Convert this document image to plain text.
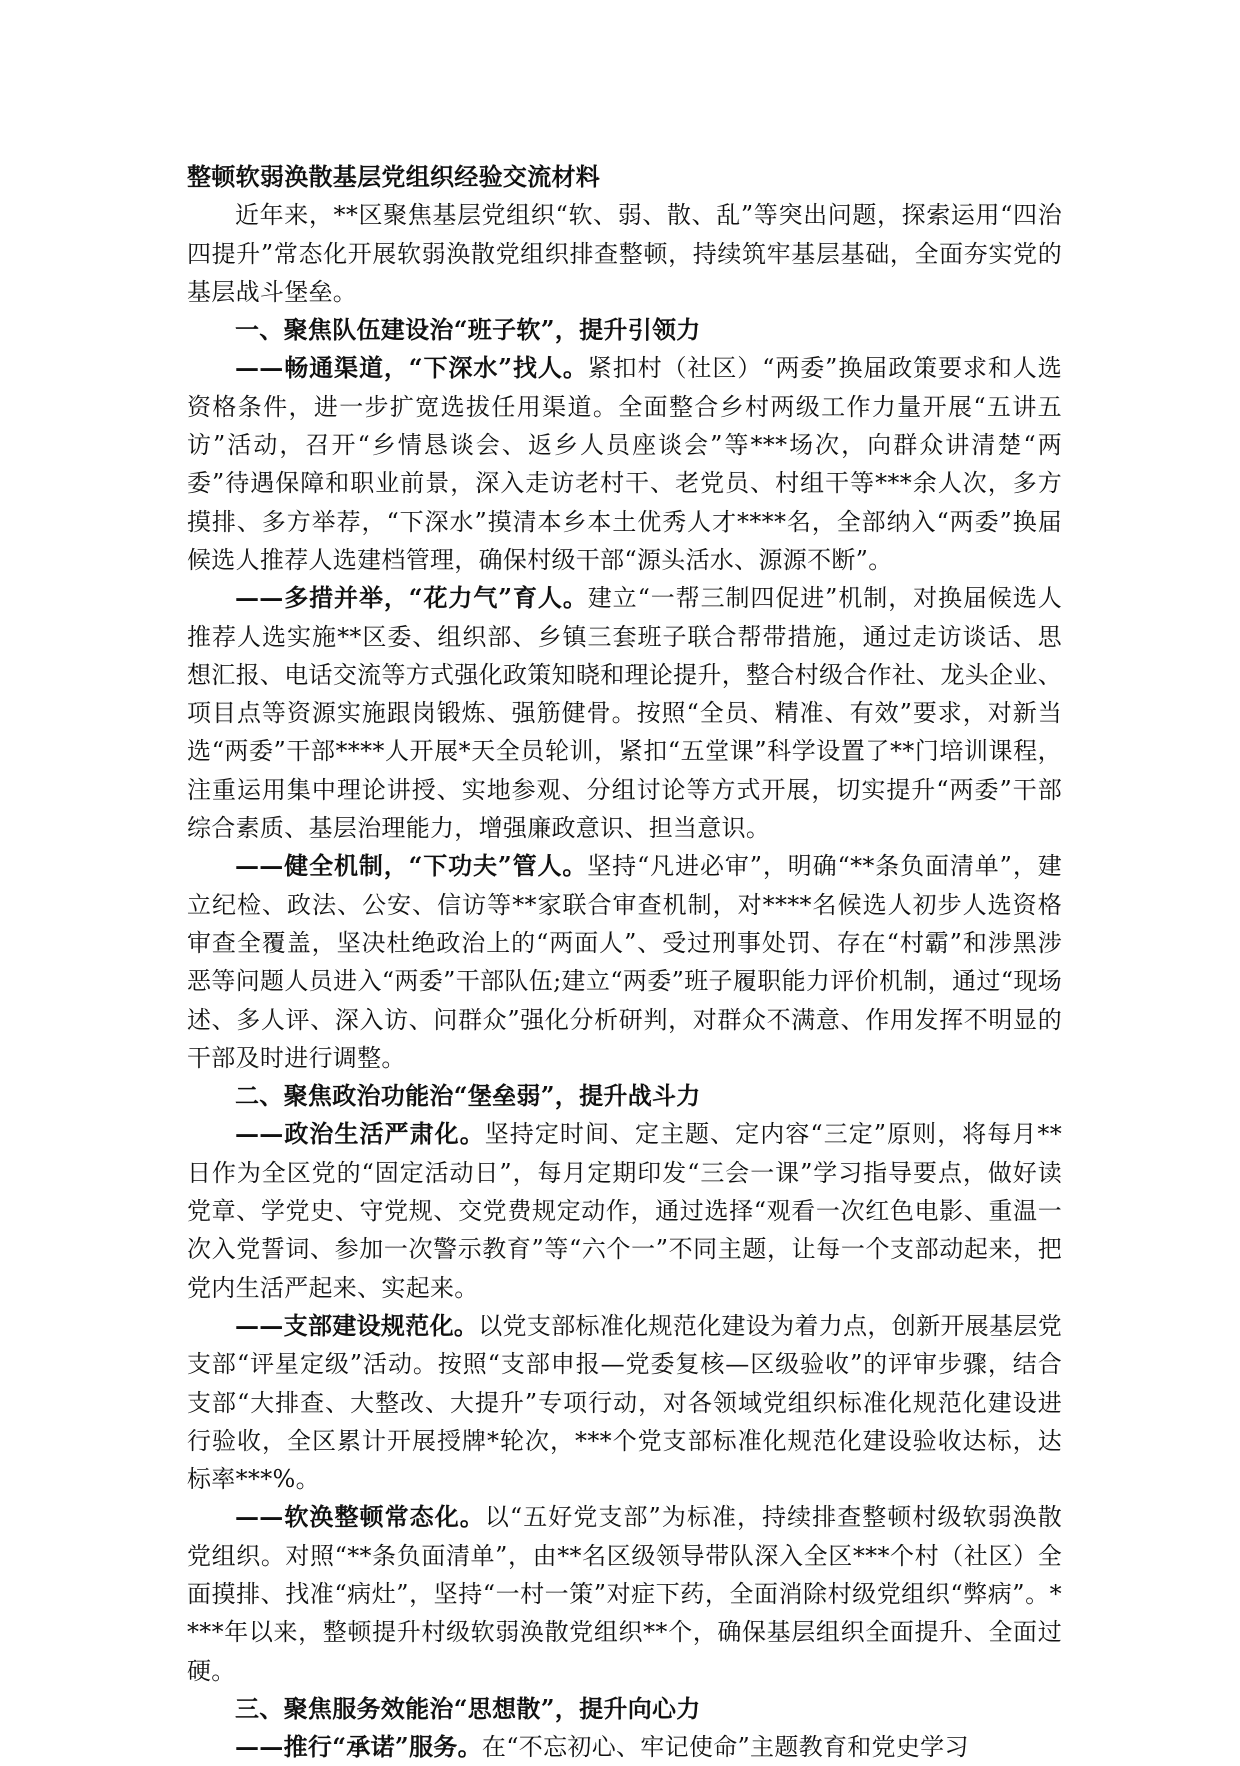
整顿软弱涣散基层党组织经验交流材料

近年来，**区聚焦基层党组织“软、弱、散、乱”等突出问题，探索运用“四治四提升”常态化开展软弱涣散党组织排查整顿，持续筑牢基层基础，全面夯实党的基层战斗堡垒。

一、聚焦队伍建设治“班子软”，提升引领力

——畅通渠道，“下深水”找人。紧扣村（社区）“两委”换届政策要求和人选资格条件，进一步扩宽选拔任用渠道。全面整合乡村两级工作力量开展“五讲五访”活动，召开“乡情恳谈会、返乡人员座谈会”等***场次，向群众讲清楚“两委”待遇保障和职业前景，深入走访老村干、老党员、村组干等***余人次，多方摸排、多方举荐，“下深水”摸清本乡本土优秀人才****名，全部纳入“两委”换届候选人推荐人选建档管理，确保村级干部“源头活水、源源不断”。

——多措并举，“花力气”育人。建立“一帮三制四促进”机制，对换届候选人推荐人选实施**区委、组织部、乡镇三套班子联合帮带措施，通过走访谈话、思想汇报、电话交流等方式强化政策知晓和理论提升，整合村级合作社、龙头企业、项目点等资源实施跟岗锻炼、强筋健骨。按照“全员、精准、有效”要求，对新当选“两委”干部****人开展*天全员轮训，紧扣“五堂课”科学设置了**门培训课程，注重运用集中理论讲授、实地参观、分组讨论等方式开展，切实提升“两委”干部综合素质、基层治理能力，增强廉政意识、担当意识。

——健全机制，“下功夫”管人。坚持“凡进必审”，明确“**条负面清单”，建立纪检、政法、公安、信访等**家联合审查机制，对****名候选人初步人选资格审查全覆盖，坚决杜绝政治上的“两面人”、受过刑事处罚、存在“村霸”和涉黑涉恶等问题人员进入“两委”干部队伍;建立“两委”班子履职能力评价机制，通过“现场述、多人评、深入访、问群众”强化分析研判，对群众不满意、作用发挥不明显的干部及时进行调整。

二、聚焦政治功能治“堡垒弱”，提升战斗力

——政治生活严肃化。坚持定时间、定主题、定内容“三定”原则，将每月**日作为全区党的“固定活动日”，每月定期印发“三会一课”学习指导要点，做好读党章、学党史、守党规、交党费规定动作，通过选择“观看一次红色电影、重温一次入党誓词、参加一次警示教育”等“六个一”不同主题，让每一个支部动起来，把党内生活严起来、实起来。

——支部建设规范化。以党支部标准化规范化建设为着力点，创新开展基层党支部“评星定级”活动。按照“支部申报—党委复核—区级验收”的评审步骤，结合支部“大排查、大整改、大提升”专项行动，对各领域党组织标准化规范化建设进行验收，全区累计开展授牌*轮次，***个党支部标准化规范化建设验收达标，达标率***%。

——软涣整顿常态化。以“五好党支部”为标准，持续排查整顿村级软弱涣散党组织。对照“**条负面清单”，由**名区级领导带队深入全区***个村（社区）全面摸排、找准“病灶”，坚持“一村一策”对症下药，全面消除村级党组织“弊病”。****年以来，整顿提升村级软弱涣散党组织**个，确保基层组织全面提升、全面过硬。

三、聚焦服务效能治“思想散”，提升向心力

——推行“承诺”服务。在“不忘初心、牢记使命”主题教育和党史学习
